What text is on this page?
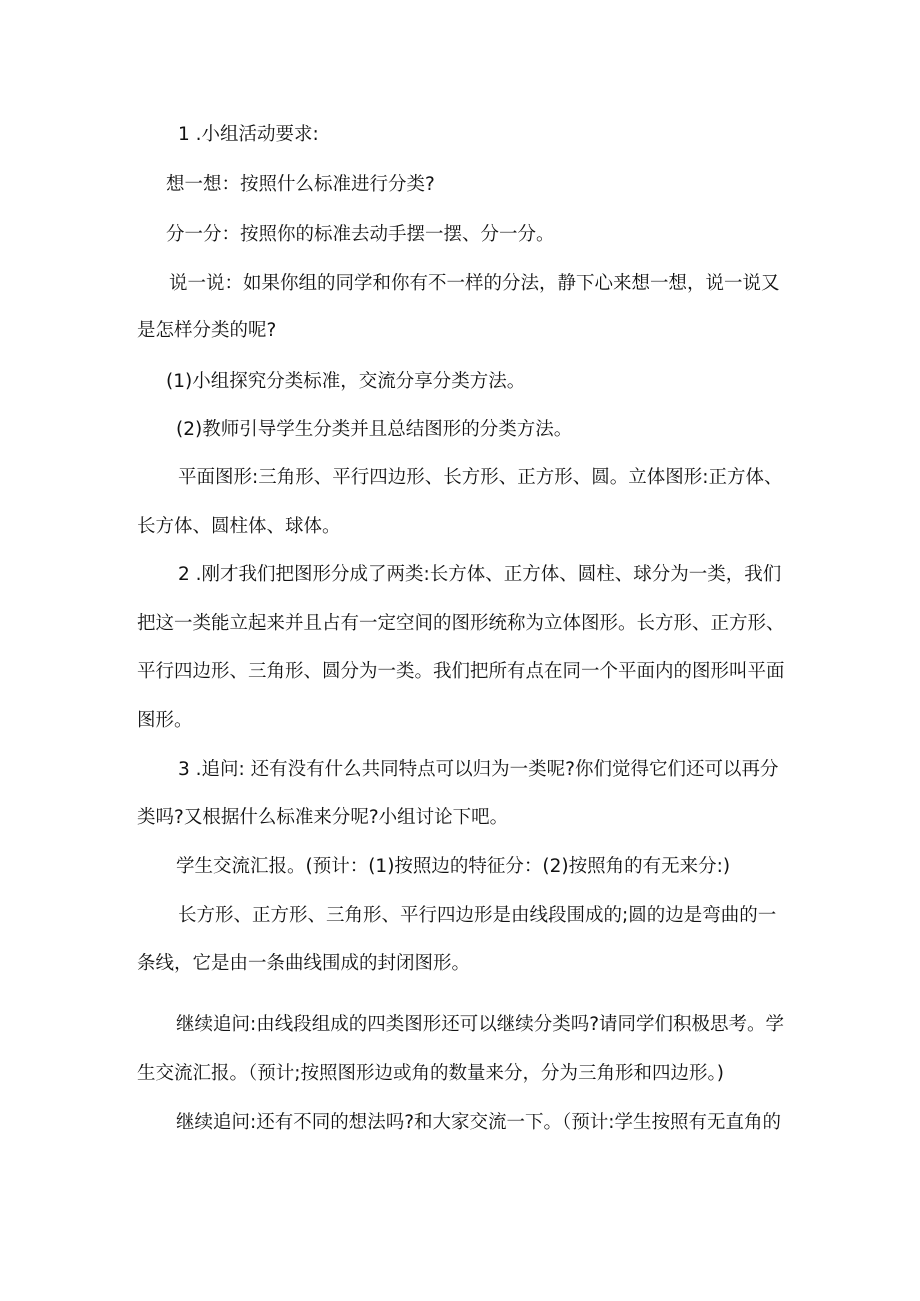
1 .小组活动要求:
想一想：按照什么标准进行分类?
分一分：按照你的标准去动手摆一摆、分一分。
说一说：如果你组的同学和你有不一样的分法，静下心来想一想，说一说又
是怎样分类的呢?
(1)小组探究分类标准，交流分享分类方法。
(2)教师引导学生分类并且总结图形的分类方法。
平面图形:三角形、平行四边形、长方形、正方形、圆。立体图形:正方体、
长方体、圆柱体、球体。
2 .刚才我们把图形分成了两类:长方体、正方体、圆柱、球分为一类，我们
把这一类能立起来并且占有一定空间的图形统称为立体图形。长方形、正方形、
平行四边形、三角形、圆分为一类。我们把所有点在同一个平面内的图形叫平面
图形。
3 .追问: 还有没有什么共同特点可以归为一类呢?你们觉得它们还可以再分
类吗?又根据什么标准来分呢?小组讨论下吧。
学生交流汇报。(预计：(1)按照边的特征分：(2)按照角的有无来分:)
长方形、正方形、三角形、平行四边形是由线段围成的;圆的边是弯曲的一
条线，它是由一条曲线围成的封闭图形。
继续追问:由线段组成的四类图形还可以继续分类吗?请同学们积极思考。学
生交流汇报。（预计;按照图形边或角的数量来分，分为三角形和四边形。)
继续追问:还有不同的想法吗?和大家交流一下。（预计:学生按照有无直角的
